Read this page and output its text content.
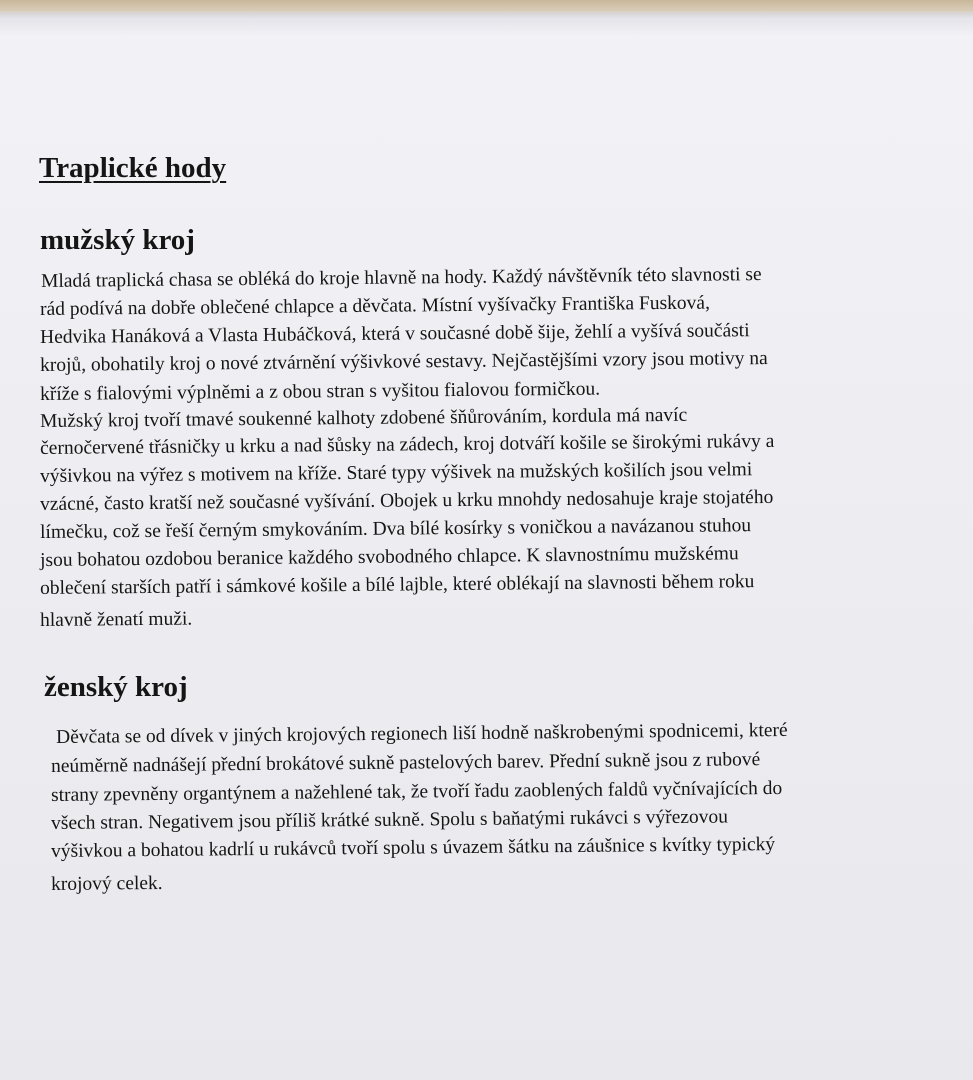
Traplické hody
mužský kroj
Mladá traplická chasa se obléká do kroje hlavně na hody. Každý návštěvník této slavnosti se
rád podívá na dobře oblečené chlapce a děvčata. Místní vyšívačky Františka Fusková,
Hedvika Hanáková a Vlasta Hubáčková, která v současné době šije, žehlí a vyšívá součásti
krojů, obohatily kroj o nové ztvárnění výšivkové sestavy. Nejčastějšími vzory jsou motivy na
kříže s fialovými výplněmi a z obou stran s vyšitou fialovou formičkou.
Mužský kroj tvoří tmavé soukenné kalhoty zdobené šňůrováním, kordula má navíc
černočervené třásničky u krku a nad šůsky na zádech, kroj dotváří košile se širokými rukávy a
výšivkou na výřez s motivem na kříže. Staré typy výšivek na mužských košilích jsou velmi
vzácné, často kratší než současné vyšívání. Obojek u krku mnohdy nedosahuje kraje stojatého
límečku, což se řeší černým smykováním. Dva bílé kosírky s voničkou a navázanou stuhou
jsou bohatou ozdobou beranice každého svobodného chlapce. K slavnostnímu mužskému
oblečení starších patří i sámkové košile a bílé lajble, které oblékají na slavnosti během roku
hlavně ženatí muži.
ženský kroj
Děvčata se od dívek v jiných krojových regionech liší hodně naškrobenými spodnicemi, které
neúměrně nadnášejí přední brokátové sukně pastelových barev. Přední sukně jsou z rubové
strany zpevněny organtýnem a nažehlené tak, že tvoří řadu zaoblených faldů vyčnívajících do
všech stran. Negativem jsou příliš krátké sukně. Spolu s baňatými rukávci s výřezovou
výšivkou a bohatou kadrlí u rukávců tvoří spolu s úvazem šátku na záušnice s kvítky typický
krojový celek.
